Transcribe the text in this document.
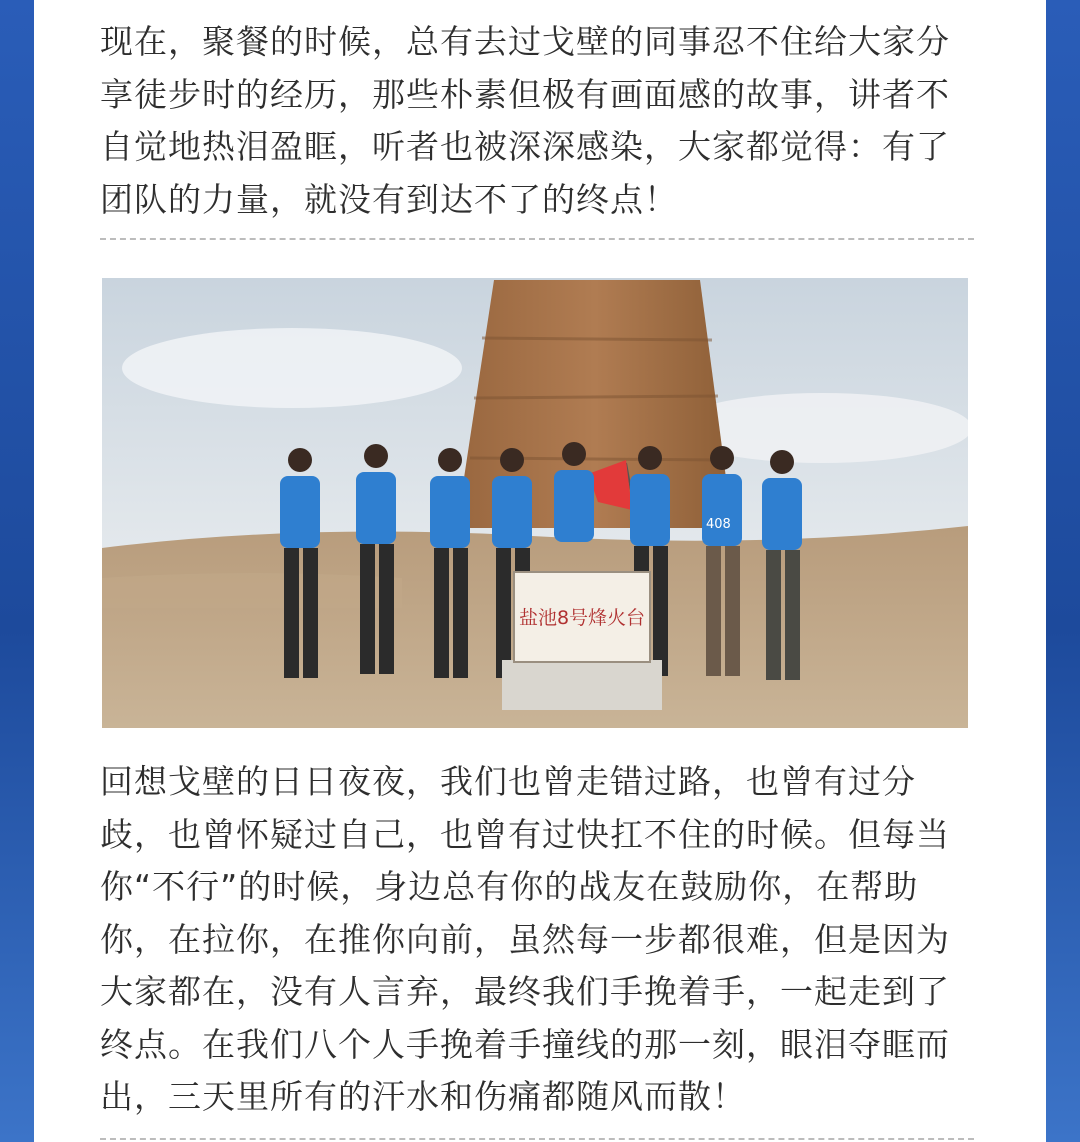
现在，聚餐的时候，总有去过戈壁的同事忍不住给大家分享徒步时的经历，那些朴素但极有画面感的故事，讲者不自觉地热泪盈眶，听者也被深深感染，大家都觉得：有了团队的力量，就没有到达不了的终点！

408
盐池8号烽火台

回想戈壁的日日夜夜，我们也曾走错过路，也曾有过分歧，也曾怀疑过自己，也曾有过快扛不住的时候。但每当你“不行”的时候，身边总有你的战友在鼓励你，在帮助你，在拉你，在推你向前，虽然每一步都很难，但是因为大家都在，没有人言弃，最终我们手挽着手，一起走到了终点。在我们八个人手挽着手撞线的那一刻，眼泪夺眶而出，三天里所有的汗水和伤痛都随风而散！
